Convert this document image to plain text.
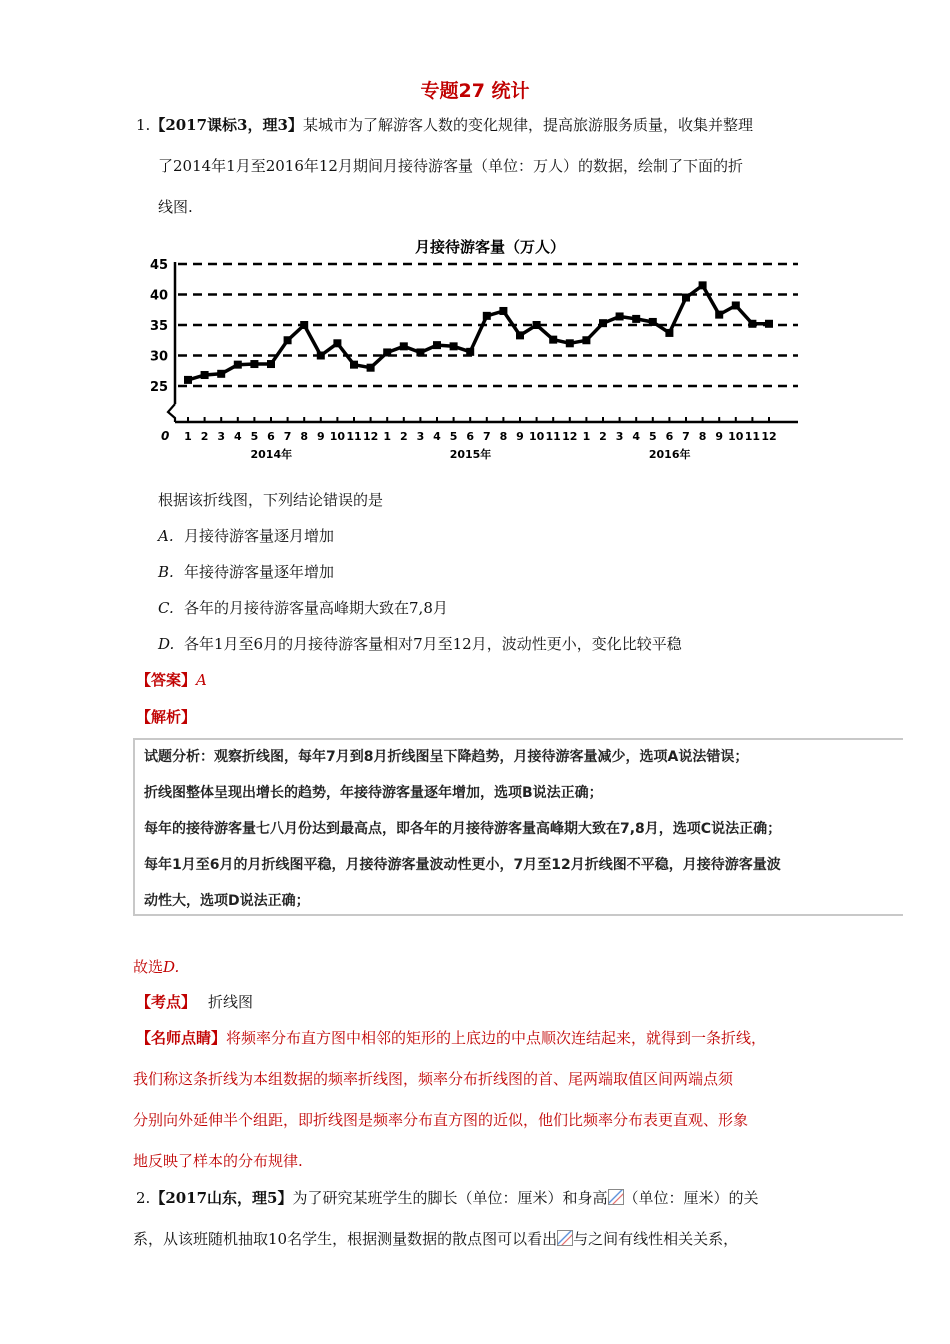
专题27 统计
1.【2017课标3，理3】某城市为了解游客人数的变化规律，提高旅游服务质量，收集并整理
了2014年1月至2016年12月期间月接待游客量（单位：万人）的数据，绘制了下面的折
线图.
月接待游客量（万人）
25
30
35
40
45
0 1 2 3 4 5 6 7 8 9 10 11 12 1 2 3 4 5 6 7 8 9 10 11 12 1 2 3 4 5 6 7 8 9 10 11 12
2014年	2015年	2016年
根据该折线图，下列结论错误的是
A. 月接待游客量逐月增加
B. 年接待游客量逐年增加
C. 各年的月接待游客量高峰期大致在7,8月
D. 各年1月至6月的月接待游客量相对7月至12月，波动性更小，变化比较平稳
【答案】A
【解析】
试题分析：观察折线图，每年7月到8月折线图呈下降趋势，月接待游客量减少，选项A说法错误；
折线图整体呈现出增长的趋势，年接待游客量逐年增加，选项B说法正确；
每年的接待游客量七八月份达到最高点，即各年的月接待游客量高峰期大致在7,8月，选项C说法正确；
每年1月至6月的月折线图平稳，月接待游客量波动性更小，7月至12月折线图不平稳，月接待游客量波
动性大，选项D说法正确；
故选D.
【考点】 折线图
【名师点睛】将频率分布直方图中相邻的矩形的上底边的中点顺次连结起来，就得到一条折线，
我们称这条折线为本组数据的频率折线图，频率分布折线图的首、尾两端取值区间两端点须
分别向外延伸半个组距，即折线图是频率分布直方图的近似，他们比频率分布表更直观、形象
地反映了样本的分布规律.
2.【2017山东，理5】为了研究某班学生的脚长（单位：厘米）和身高 （单位：厘米）的关
系，从该班随机抽取10名学生，根据测量数据的散点图可以看出 与之间有线性相关关系，
